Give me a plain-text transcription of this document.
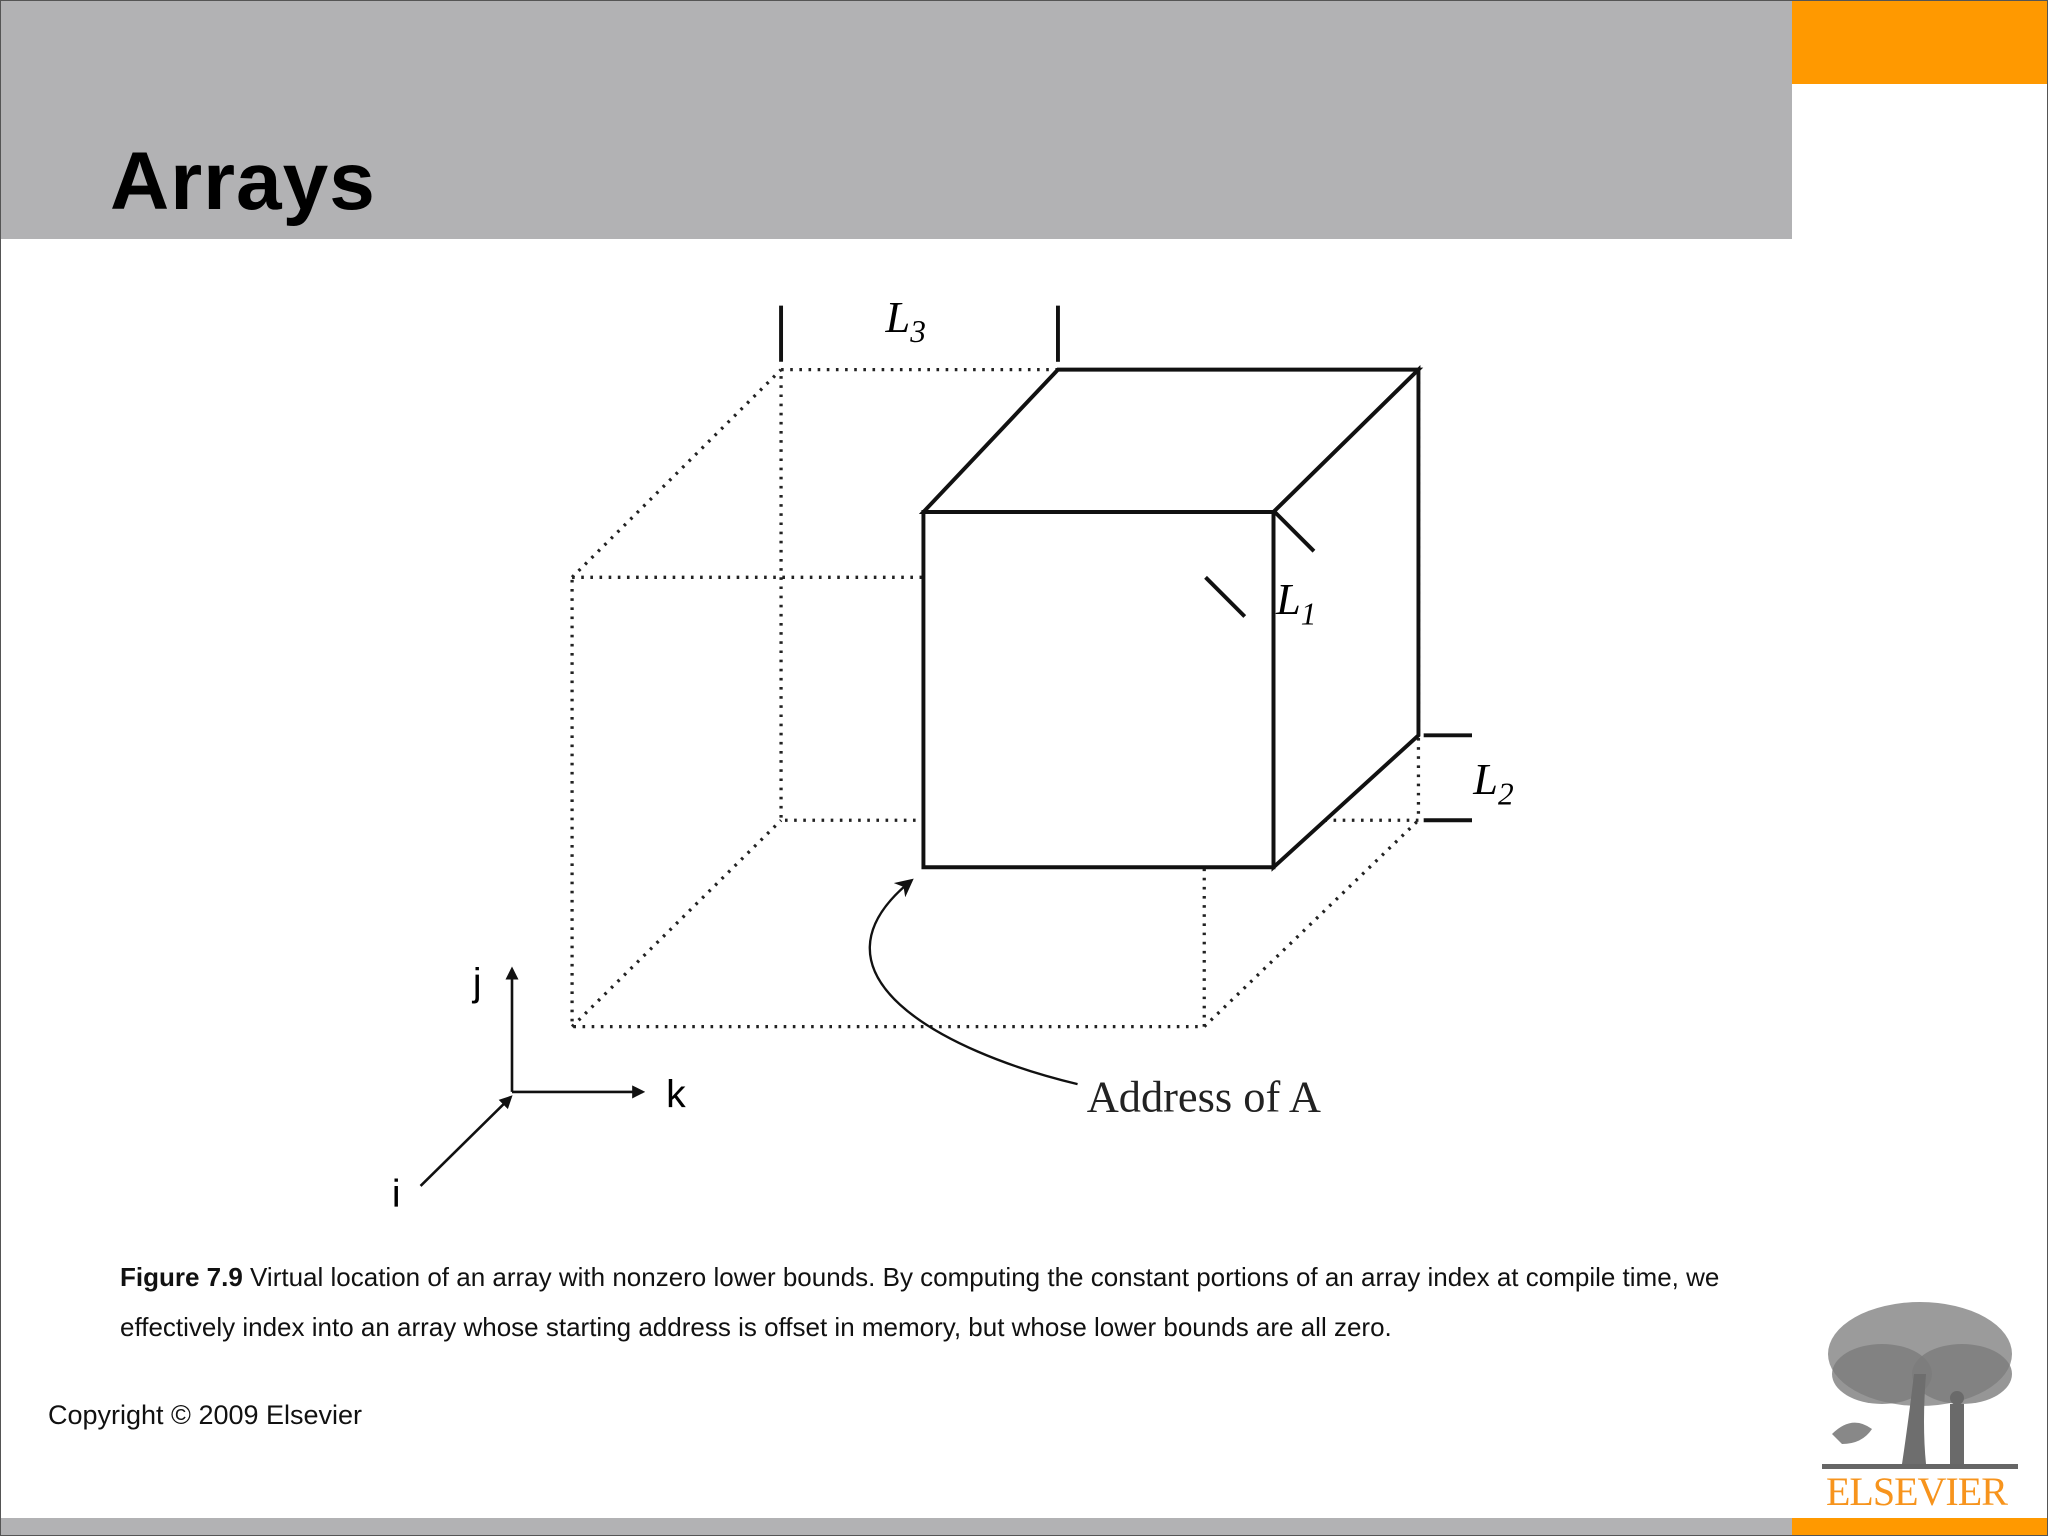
Arrays
$L_3$
$L_1$
$L_2$
Address of A
j
k
i
Figure 7.9 Virtual location of an array with nonzero lower bounds. By computing the constant portions of an array index at compile time, we effectively index into an array whose starting address is offset in memory, but whose lower bounds are all zero.
Copyright © 2009 Elsevier
ELSEVIER
